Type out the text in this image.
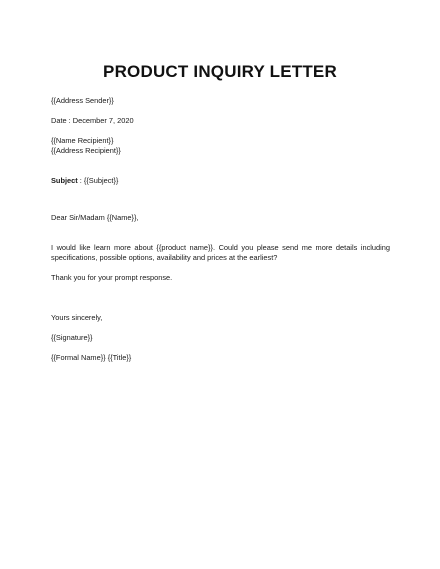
PRODUCT INQUIRY LETTER
{{Address Sender}}
Date : December 7, 2020
{{Name Recipient}}
{{Address Recipient}}
Subject : {{Subject}}
Dear Sir/Madam {{Name}},
I would like learn more about {{product name}}. Could you please send me more details including
specifications, possible options, availability and prices at the earliest?
Thank you for your prompt response.
Yours sincerely,
{{Signature}}
{{Formal Name}} {{Title}}
